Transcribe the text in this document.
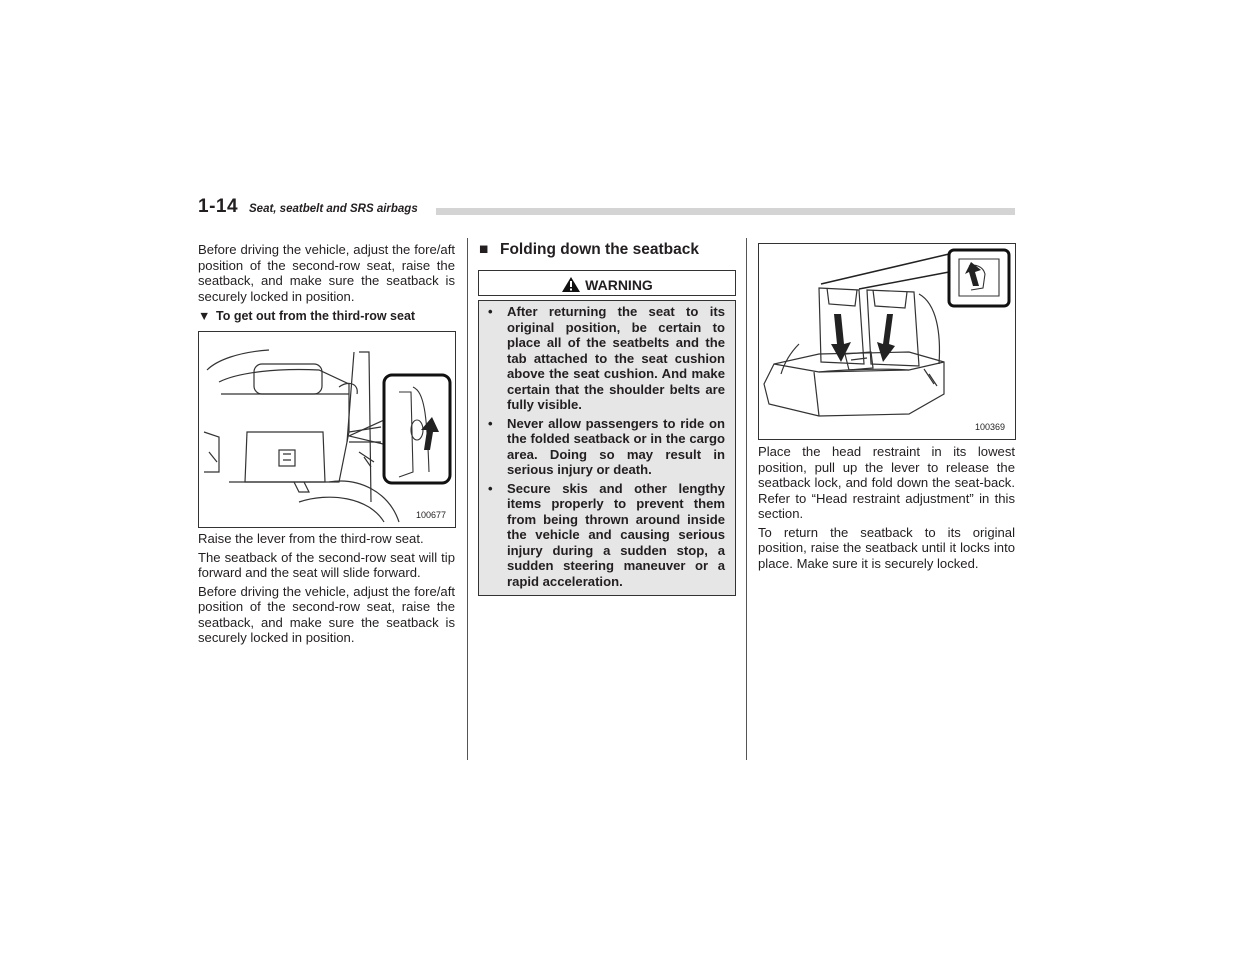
1-14 Seat, seatbelt and SRS airbags

Before driving the vehicle, adjust the fore/aft position of the second-row seat, raise the seatback, and make sure the seatback is securely locked in position.

▼ To get out from the third-row seat
100677

Raise the lever from the third-row seat.

The seatback of the second-row seat will tip forward and the seat will slide forward.

Before driving the vehicle, adjust the fore/aft position of the second-row seat, raise the seatback, and make sure the seatback is securely locked in position.

■ Folding down the seatback
WARNING
• After returning the seat to its original position, be certain to place all of the seatbelts and the tab attached to the seat cushion above the seat cushion. And make certain that the shoulder belts are fully visible.
• Never allow passengers to ride on the folded seatback or in the cargo area. Doing so may result in serious injury or death.
• Secure skis and other lengthy items properly to prevent them from being thrown around inside the vehicle and causing serious injury during a sudden stop, a sudden steering maneuver or a rapid acceleration.
100369

Place the head restraint in its lowest position, pull up the lever to release the seatback lock, and fold down the seat-back. Refer to “Head restraint adjustment” in this section.

To return the seatback to its original position, raise the seatback until it locks into place. Make sure it is securely locked.
